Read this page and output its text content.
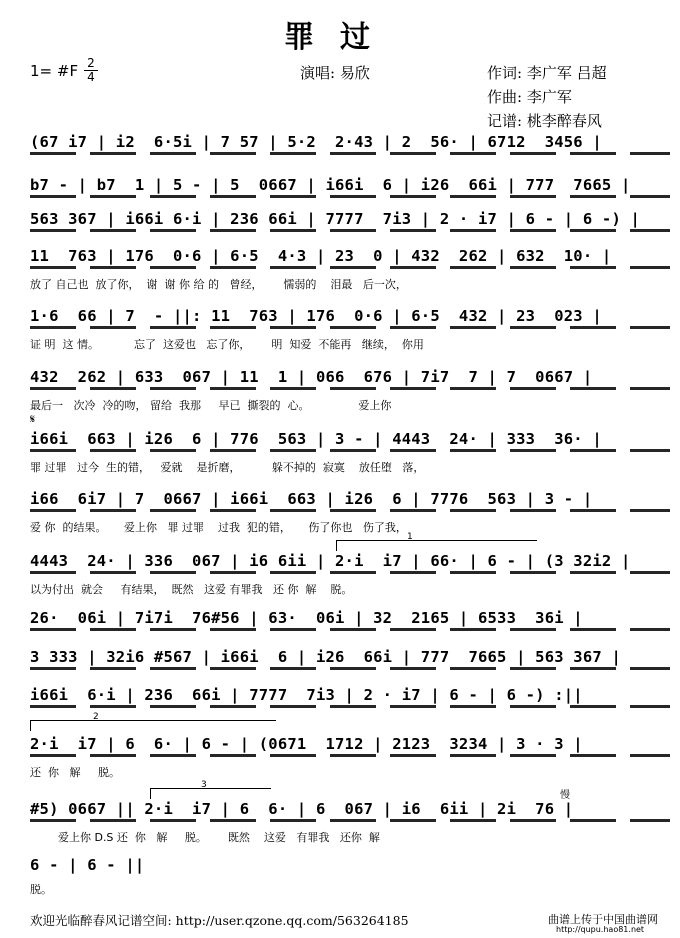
罪过
1= #F 2
4	演唱: 易欣	作词: 李广军 吕超
作曲: 李广军
记谱: 桃李醉春风
(67 i7 | i2  6·5i | 7 57 | 5·2  2·43 | 2  56· | 6712  3456 |
b7 - | b7  1 | 5 - | 5  0667 | i66i  6 | i26  66i | 777  7665 |
563 367 | i66i 6·i | 236 66i | 7777  7i3 | 2 · i7 | 6 - | 6 -) |
11  763 | 176  0·6 | 6·5  4·3 | 23  0 | 432  262 | 632  10· |
放了 自己也  放了你，  谢  谢 你 给 的   曾经，      懦弱的    泪最   后一次，
1·6  66 | 7  - ||: 11  763 | 176  0·6 | 6·5  432 | 23  023 |
证 明  这 情。          忘了  这爱也   忘了你，      明  知爱  不能再   继续，  你用
432  262 | 633  067 | 11  1 | 066  676 | 7i7  7 | 7  0667 |
最后一   次冷  冷的吻， 留给  我那     早已  撕裂的  心。              爱上你
𝄋
i66i  663 | i26  6 | 776  563 | 3 - | 4443  24· | 333  36· |
罪 过罪   过今  生的错，   爱就    是折磨，         躲不掉的  寂寞    放任堕   落，
i66  6i7 | 7  0667 | i66i  663 | i26  6 | 7776  563 | 3 - |
爱 你  的结果。     爱上你   罪 过罪    过我  犯的错，     伤了你也   伤了我，
1
4443  24· | 336  067 | i6 6ii | 2·i  i7 | 66· | 6 - | (3 32i2 |
以为付出  就会     有结果，  既然   这爱 有罪我   还 你  解    脱。
26·  06i | 7i7i  76#56 | 63·  06i | 32  2165 | 6533  36i |
3 333 | 32i6 #567 | i66i  6 | i26  66i | 777  7665 | 563 367 |
i66i  6·i | 236  66i | 7777  7i3 | 2 · i7 | 6 - | 6 -) :||
2
2·i  i7 | 6  6· | 6 - | (0671  1712 | 2123  3234 | 3 · 3 |
还  你   解     脱。
3
慢
#5) 0667 || 2·i  i7 | 6  6· | 6  067 | i6  6ii | 2i  76 |
爱上你 D.S 还  你   解     脱。      既然    这爱   有罪我   还你  解
6 - | 6 - ||
脱。
欢迎光临醉春风记谱空间: http://user.qzone.qq.com/563264185	曲谱上传于中国曲谱网
http://qupu.hao81.net
